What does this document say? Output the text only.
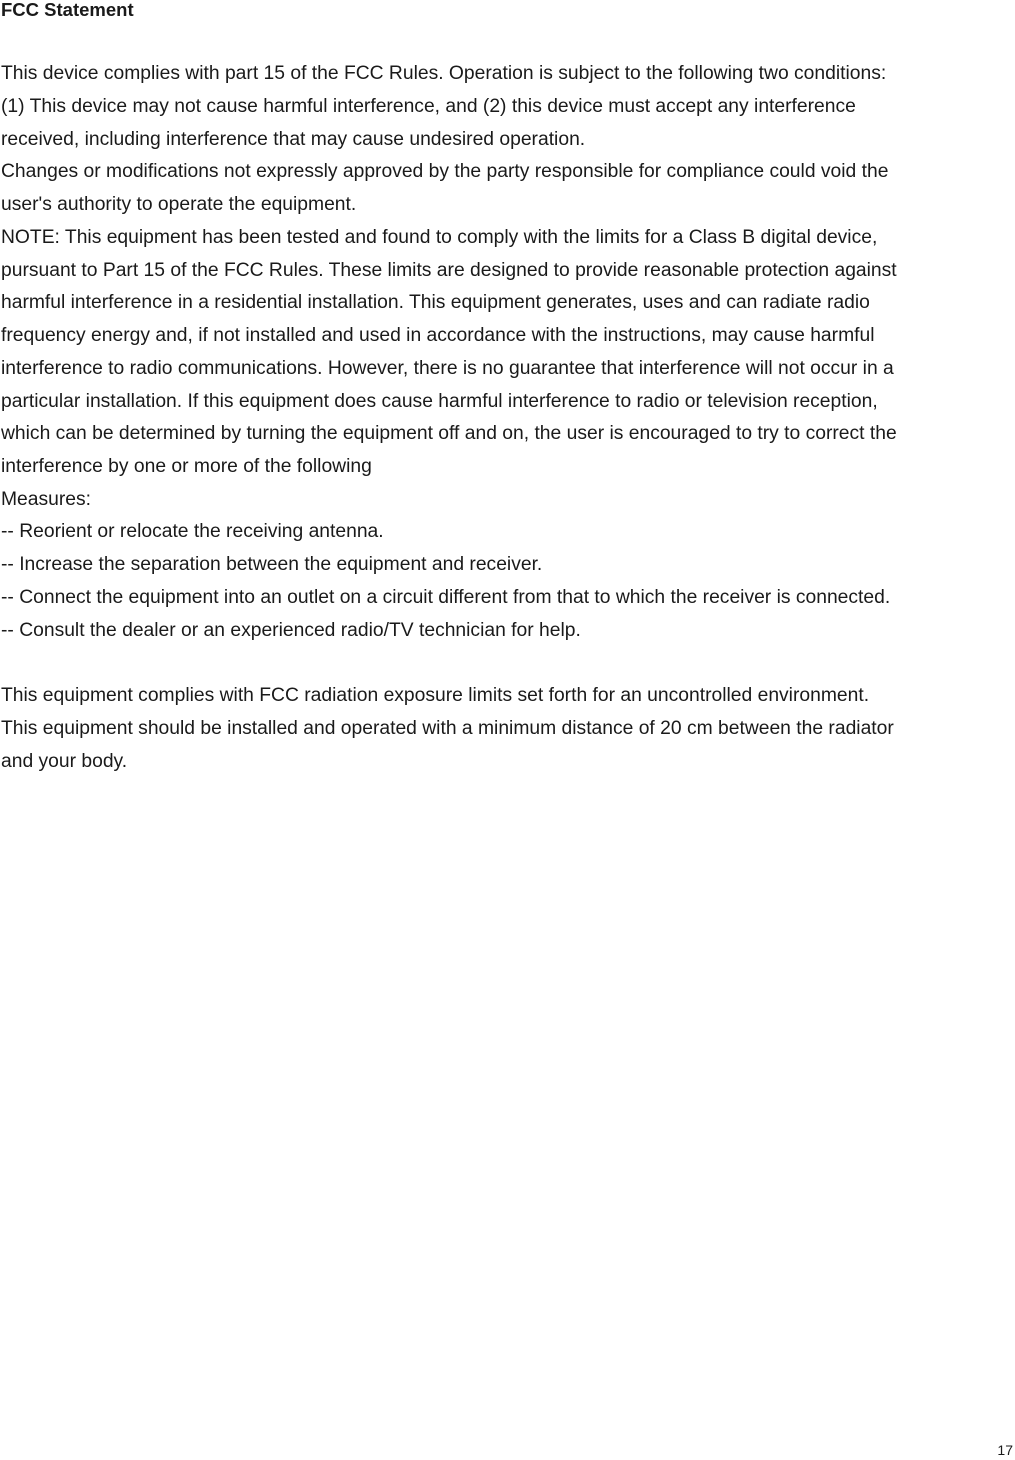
FCC Statement
This device complies with part 15 of the FCC Rules. Operation is subject to the following two conditions:
(1) This device may not cause harmful interference, and (2) this device must accept any interference
received, including interference that may cause undesired operation.
Changes or modifications not expressly approved by the party responsible for compliance could void the
user's authority to operate the equipment.
NOTE: This equipment has been tested and found to comply with the limits for a Class B digital device,
pursuant to Part 15 of the FCC Rules. These limits are designed to provide reasonable protection against
harmful interference in a residential installation. This equipment generates, uses and can radiate radio
frequency energy and, if not installed and used in accordance with the instructions, may cause harmful
interference to radio communications. However, there is no guarantee that interference will not occur in a
particular installation. If this equipment does cause harmful interference to radio or television reception,
which can be determined by turning the equipment off and on, the user is encouraged to try to correct the
interference by one or more of the following
Measures:
-- Reorient or relocate the receiving antenna.
-- Increase the separation between the equipment and receiver.
-- Connect the equipment into an outlet on a circuit different from that to which the receiver is connected.
-- Consult the dealer or an experienced radio/TV technician for help.
This equipment complies with FCC radiation exposure limits set forth for an uncontrolled environment.
This equipment should be installed and operated with a minimum distance of 20 cm between the radiator
and your body.
17
